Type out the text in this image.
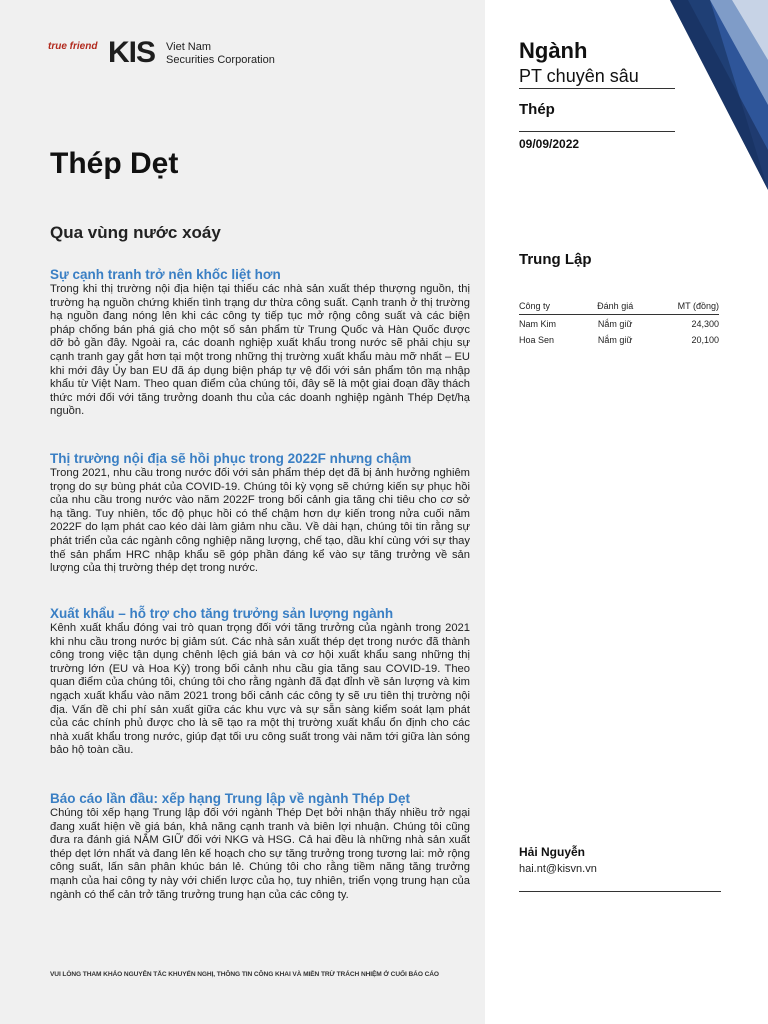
true friend KIS Viet Nam
Securities Corporation
Thép Dẹt
Qua vùng nước xoáy
Sự cạnh tranh trở nên khốc liệt hơn

Trong khi thị trường nội địa hiện tại thiếu các nhà sản xuất thép thượng nguồn, thị trường hạ nguồn chứng khiến tình trạng dư thừa công suất. Cạnh tranh ở thị trường hạ nguồn đang nóng lên khi các công ty tiếp tục mở rộng công suất và các biện pháp chống bán phá giá cho một số sản phẩm từ Trung Quốc và Hàn Quốc được dỡ bỏ gần đây. Ngoài ra, các doanh nghiệp xuất khẩu trong nước sẽ phải chịu sự cạnh tranh gay gắt hơn tại một trong những thị trường xuất khẩu màu mỡ nhất – EU khi mới đây Ủy ban EU đã áp dụng biện pháp tự vệ đối với sản phẩm tôn mạ nhập khẩu từ Việt Nam. Theo quan điểm của chúng tôi, đây sẽ là một giai đoạn đầy thách thức mới đối với tăng trưởng doanh thu của các doanh nghiệp ngành Thép Dẹt/hạ nguồn.

Thị trường nội địa sẽ hồi phục trong 2022F nhưng chậm

Trong 2021, nhu cầu trong nước đối với sản phẩm thép dẹt đã bị ảnh hưởng nghiêm trọng do sự bùng phát của COVID-19. Chúng tôi kỳ vọng sẽ chứng kiến sự phục hồi của nhu cầu trong nước vào năm 2022F trong bối cảnh gia tăng chi tiêu cho cơ sở hạ tầng. Tuy nhiên, tốc độ phục hồi có thể chậm hơn dự kiến trong nửa cuối năm 2022F do lạm phát cao kéo dài làm giảm nhu cầu. Về dài hạn, chúng tôi tin rằng sự phát triển của các ngành công nghiệp năng lượng, chế tạo, dầu khí cùng với sự thay thế sản phẩm HRC nhập khẩu sẽ góp phần đáng kể vào sự tăng trưởng về sản lượng của thị trường thép dẹt trong nước.

Xuất khẩu – hỗ trợ cho tăng trưởng sản lượng ngành

Kênh xuất khẩu đóng vai trò quan trọng đối với tăng trưởng của ngành trong 2021 khi nhu cầu trong nước bị giảm sút. Các nhà sản xuất thép dẹt trong nước đã thành công trong việc tận dụng chênh lệch giá bán và cơ hội xuất khẩu sang những thị trường lớn (EU và Hoa Kỳ) trong bối cảnh nhu cầu gia tăng sau COVID-19. Theo quan điểm của chúng tôi, chúng tôi cho rằng ngành đã đạt đỉnh về sản lượng và kim ngạch xuất khẩu vào năm 2021 trong bối cảnh các công ty sẽ ưu tiên thị trường nội địa. Vấn đề chi phí sản xuất giữa các khu vực và sự sẵn sàng kiểm soát lạm phát của các chính phủ được cho là sẽ tạo ra một thị trường xuất khẩu ổn định cho các nhà xuất khẩu trong nước, giúp đạt tối ưu công suất trong vài năm tới giữa làn sóng bảo hộ toàn cầu.

Báo cáo lần đầu: xếp hạng Trung lập về ngành Thép Dẹt

Chúng tôi xếp hạng Trung lập đối với ngành Thép Dẹt bởi nhận thấy nhiều trở ngại đang xuất hiện về giá bán, khả năng cạnh tranh và biên lợi nhuận. Chúng tôi cũng đưa ra đánh giá NẮM GIỮ đối với NKG và HSG. Cả hai đều là những nhà sản xuất thép dẹt lớn nhất và đang lên kế hoạch cho sự tăng trưởng trong tương lai: mở rộng công suất, lấn sân phân khúc bán lẻ. Chúng tôi cho rằng tiềm năng tăng trưởng mạnh của hai công ty này với chiến lược của họ, tuy nhiên, triển vọng trung hạn của ngành có thể cản trở tăng trưởng trung hạn của các công ty.

VUI LÒNG THAM KHẢO NGUYÊN TẮC KHUYẾN NGHỊ, THÔNG TIN CÔNG KHAI VÀ MIỄN TRỪ TRÁCH NHIỆM Ở CUỐI BÁO CÁO
Ngành
PT chuyên sâu
Thép
09/09/2022
Trung Lập
Công ty	Đánh giá	MT (đồng)
Nam Kim	Nắm giữ	24,300
Hoa Sen	Nắm giữ	20,100
Hải Nguyễn
hai.nt@kisvn.vn
